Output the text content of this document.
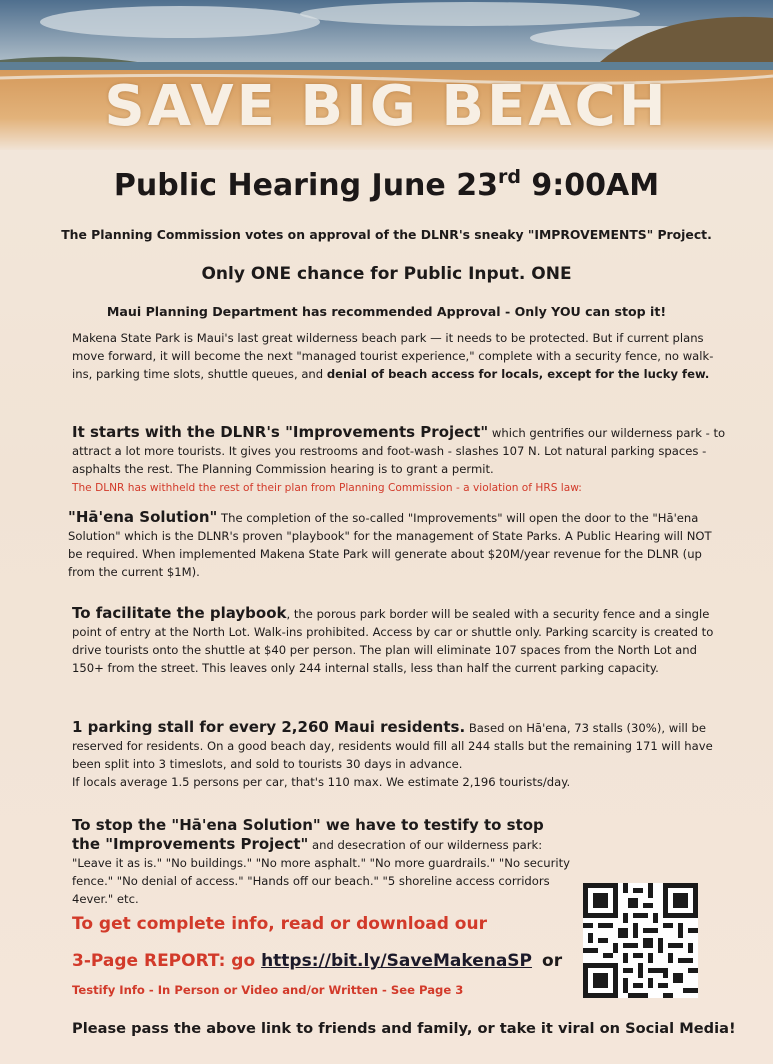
SAVE BIG BEACH
Public Hearing June 23rd 9:00AM
The Planning Commission votes on approval of the DLNR's sneaky "IMPROVEMENTS" Project.
Only ONE chance for Public Input. ONE
Maui Planning Department has recommended Approval - Only YOU can stop it!
Makena State Park is Maui's last great wilderness beach park — it needs to be protected. But if current plans move forward, it will become the next "managed tourist experience," complete with a security fence, no walk-ins, parking time slots, shuttle queues, and denial of beach access for locals, except for the lucky few.
It starts with the DLNR's "Improvements Project" which gentrifies our wilderness park - to attract a lot more tourists. It gives you restrooms and foot-wash - slashes 107 N. Lot natural parking spaces - asphalts the rest. The Planning Commission hearing is to grant a permit.
The DLNR has withheld the rest of their plan from Planning Commission - a violation of HRS law:
"Hā'ena Solution" The completion of the so-called "Improvements" will open the door to the "Hā'ena Solution" which is the DLNR's proven "playbook" for the management of State Parks. A Public Hearing will NOT be required. When implemented Makena State Park will generate about $20M/year revenue for the DLNR (up from the current $1M).
To facilitate the playbook, the porous park border will be sealed with a security fence and a single point of entry at the North Lot. Walk-ins prohibited. Access by car or shuttle only. Parking scarcity is created to drive tourists onto the shuttle at $40 per person. The plan will eliminate 107 spaces from the North Lot and 150+ from the street. This leaves only 244 internal stalls, less than half the current parking capacity.
1 parking stall for every 2,260 Maui residents. Based on Hā'ena, 73 stalls (30%), will be reserved for residents. On a good beach day, residents would fill all 244 stalls but the remaining 171 will have been split into 3 timeslots, and sold to tourists 30 days in advance.
If locals average 1.5 persons per car, that's 110 max. We estimate 2,196 tourists/day.
To stop the "Hā'ena Solution" we have to testify to stop the "Improvements Project" and desecration of our wilderness park: "Leave it as is." "No buildings." "No more asphalt." "No more guardrails." "No security fence." "No denial of access." "Hands off our beach." "5 shoreline access corridors 4ever." etc.
To get complete info, read or download our
3-Page REPORT: go https://bit.ly/SaveMakenaSP or
Testify Info - In Person or Video and/or Written - See Page 3
Please pass the above link to friends and family, or take it viral on Social Media!
